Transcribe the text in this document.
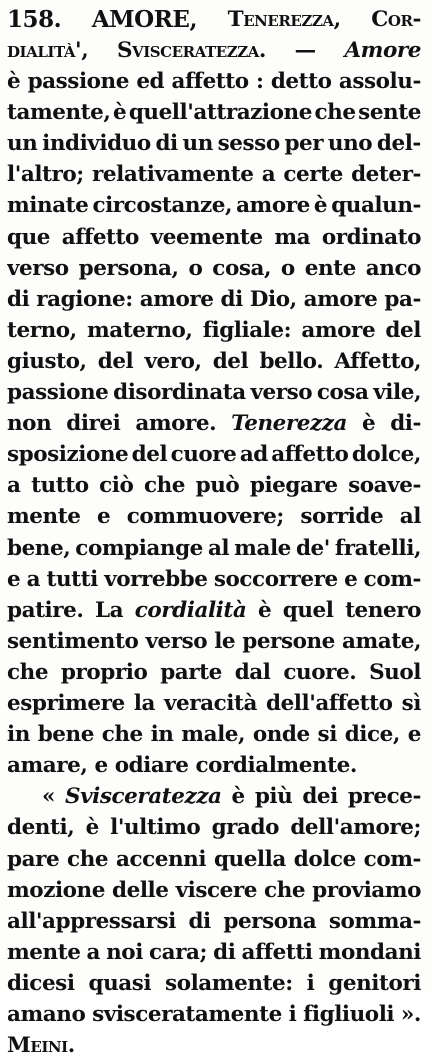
158. AMORE, Tenerezza, Cor-
dialità', Svisceratezza. — Amore
è passione ed affetto : detto assolu-
tamente, è quell'attrazione che sente
un individuo di un sesso per uno del-
l'altro; relativamente a certe deter-
minate circostanze, amore è qualun-
que affetto veemente ma ordinato
verso persona, o cosa, o ente anco
di ragione: amore di Dio, amore pa-
terno, materno, figliale: amore del
giusto, del vero, del bello. Affetto,
passione disordinata verso cosa vile,
non direi amore. Tenerezza è di-
sposizione del cuore ad affetto dolce,
a tutto ciò che può piegare soave-
mente e commuovere; sorride al
bene, compiange al male de' fratelli,
e a tutti vorrebbe soccorrere e com-
patire. La cordialità è quel tenero
sentimento verso le persone amate,
che proprio parte dal cuore. Suol
esprimere la veracità dell'affetto sì
in bene che in male, onde si dice, e
amare, e odiare cordialmente.
« Svisceratezza è più dei prece-
denti, è l'ultimo grado dell'amore;
pare che accenni quella dolce com-
mozione delle viscere che proviamo
all'appressarsi di persona somma-
mente a noi cara; di affetti mondani
dicesi quasi solamente: i genitori
amano svisceratamente i figliuoli ».
Meini.
